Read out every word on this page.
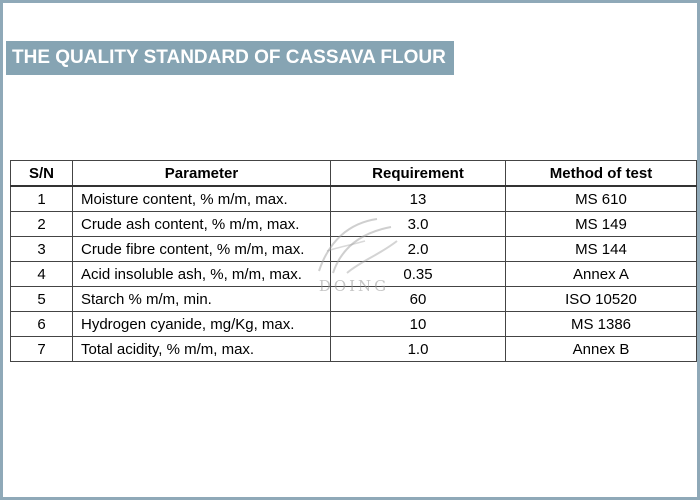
THE QUALITY STANDARD OF CASSAVA FLOUR
S/N	Parameter	Requirement	Method of test
1	Moisture content, % m/m, max.	13	MS 610
2	Crude ash content, % m/m, max.	3.0	MS 149
3	Crude fibre content, % m/m, max.	2.0	MS 144
4	Acid insoluble ash, %, m/m, max.	0.35	Annex A
5	Starch % m/m, min.	60	ISO 10520
6	Hydrogen cyanide, mg/Kg, max.	10	MS 1386
7	Total acidity, % m/m, max.	1.0	Annex B
DOING
